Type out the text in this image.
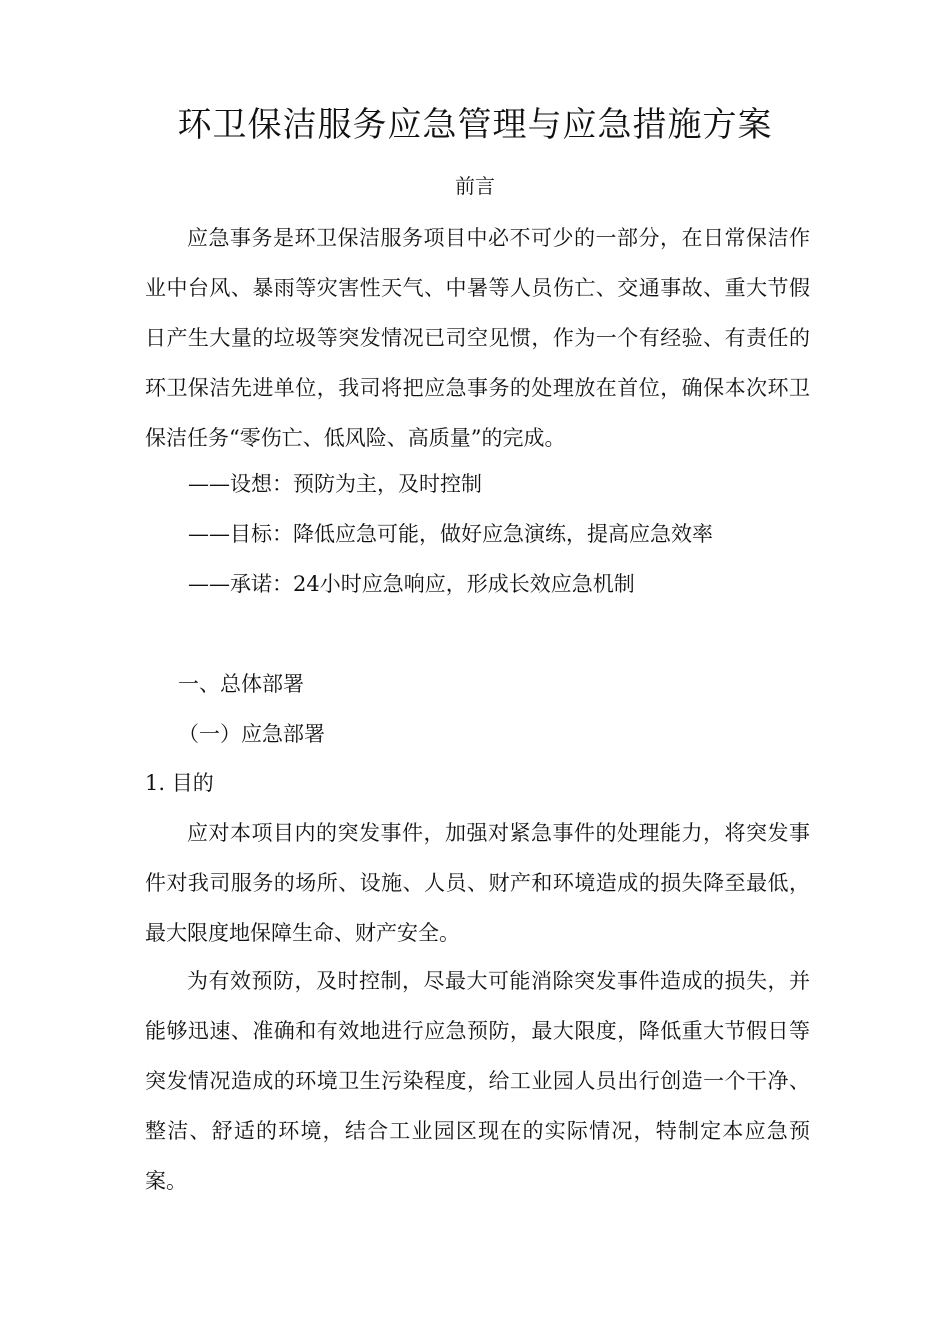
环卫保洁服务应急管理与应急措施方案
前言

应急事务是环卫保洁服务项目中必不可少的一部分，在日常保洁作业中台风、暴雨等灾害性天气、中暑等人员伤亡、交通事故、重大节假日产生大量的垃圾等突发情况已司空见惯，作为一个有经验、有责任的环卫保洁先进单位，我司将把应急事务的处理放在首位，确保本次环卫保洁任务“零伤亡、低风险、高质量”的完成。

——设想：预防为主，及时控制

——目标：降低应急可能，做好应急演练，提高应急效率

——承诺：24小时应急响应，形成长效应急机制

一、总体部署

（一）应急部署

1. 目的

应对本项目内的突发事件，加强对紧急事件的处理能力，将突发事件对我司服务的场所、设施、人员、财产和环境造成的损失降至最低，最大限度地保障生命、财产安全。

为有效预防，及时控制，尽最大可能消除突发事件造成的损失，并能够迅速、准确和有效地进行应急预防，最大限度，降低重大节假日等突发情况造成的环境卫生污染程度，给工业园人员出行创造一个干净、整洁、舒适的环境，结合工业园区现在的实际情况，特制定本应急预案。
